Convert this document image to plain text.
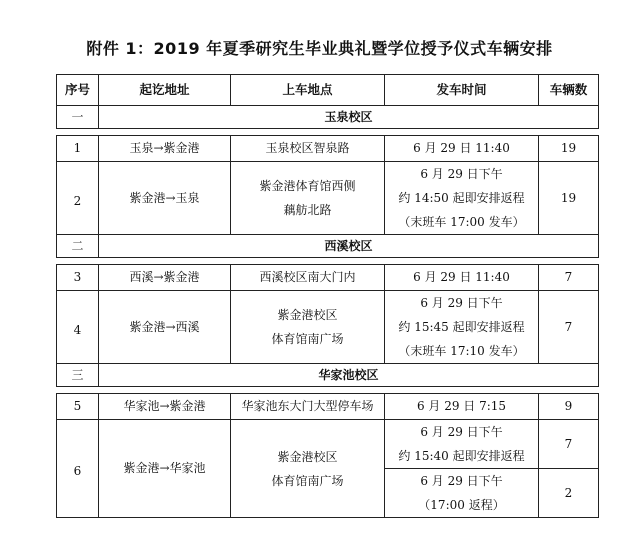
附件 1：2019 年夏季研究生毕业典礼暨学位授予仪式车辆安排
序号	起讫地址	上车地点	发车时间	车辆数
一	玉泉校区			

1	玉泉→紫金港	玉泉校区智泉路	6 月 29 日 11:40	19
2	紫金港→玉泉	紫金港体育馆西侧
藕舫北路	6 月 29 日下午
约 14:50 起即安排返程
（末班车 17:00 发车）	19
二	西溪校区			

3	西溪→紫金港	西溪校区南大门内	6 月 29 日 11:40	7
4	紫金港→西溪	紫金港校区
体育馆南广场	6 月 29 日下午
约 15:45 起即安排返程
（末班车 17:10 发车）	7
三	华家池校区			

5	华家池→紫金港	华家池东大门大型停车场	6 月 29 日 7:15	9
6	紫金港→华家池	紫金港校区
体育馆南广场	6 月 29 日下午
约 15:40 起即安排返程	7

			6 月 29 日下午
（17:00 返程）	2
